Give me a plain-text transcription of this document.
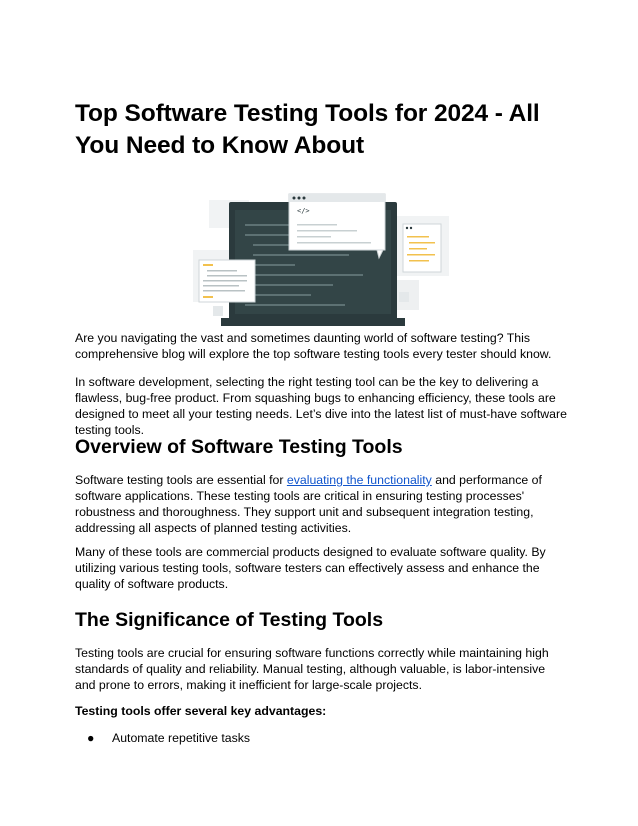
Top Software Testing Tools for 2024 - All You Need to Know About
</>

Are you navigating the vast and sometimes daunting world of software testing? This comprehensive blog will explore the top software testing tools every tester should know.

In software development, selecting the right testing tool can be the key to delivering a flawless, bug-free product. From squashing bugs to enhancing efficiency, these tools are designed to meet all your testing needs. Let’s dive into the latest list of must-have software testing tools.

Overview of Software Testing Tools

Software testing tools are essential for evaluating the functionality and performance of software applications. These testing tools are critical in ensuring testing processes' robustness and thoroughness. They support unit and subsequent integration testing, addressing all aspects of planned testing activities.

Many of these tools are commercial products designed to evaluate software quality. By utilizing various testing tools, software testers can effectively assess and enhance the quality of software products.

The Significance of Testing Tools

Testing tools are crucial for ensuring software functions correctly while maintaining high standards of quality and reliability. Manual testing, although valuable, is labor-intensive and prone to errors, making it inefficient for large-scale projects.

Testing tools offer several key advantages:

● Automate repetitive tasks
